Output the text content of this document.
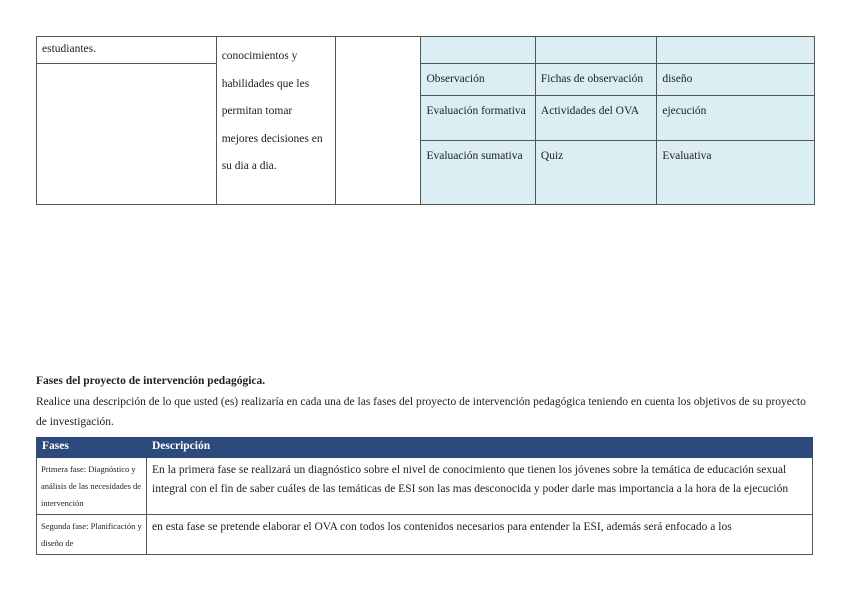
estudiantes.	conocimientos y habilidades que les permitan tomar mejores decisiones en su dia a dia.				
			Observación	Fichas de observación	diseño
			Evaluación formativa	Actividades del OVA	ejecución
			Evaluación sumativa	Quiz	Evaluativa

Fases del proyecto de intervención pedagógica.

Realice una descripción de lo que usted (es) realizaría en cada una de las fases del proyecto de intervención pedagógica teniendo en cuenta los objetivos de su proyecto de investigación.

Fases	Descripción
Primera fase: Diagnóstico y análisis de las necesidades de intervención	En la primera fase se realizará un diagnóstico sobre el nivel de conocimiento que tienen los jóvenes sobre la temática de educación sexual integral con el fin de saber cuáles de las temáticas de ESI son las mas desconocida y poder darle mas importancia a la hora de la ejecución
Segunda fase: Planificación y diseño de	en esta fase se pretende elaborar el OVA con todos los contenidos necesarios para entender la ESI, además será enfocado a los
